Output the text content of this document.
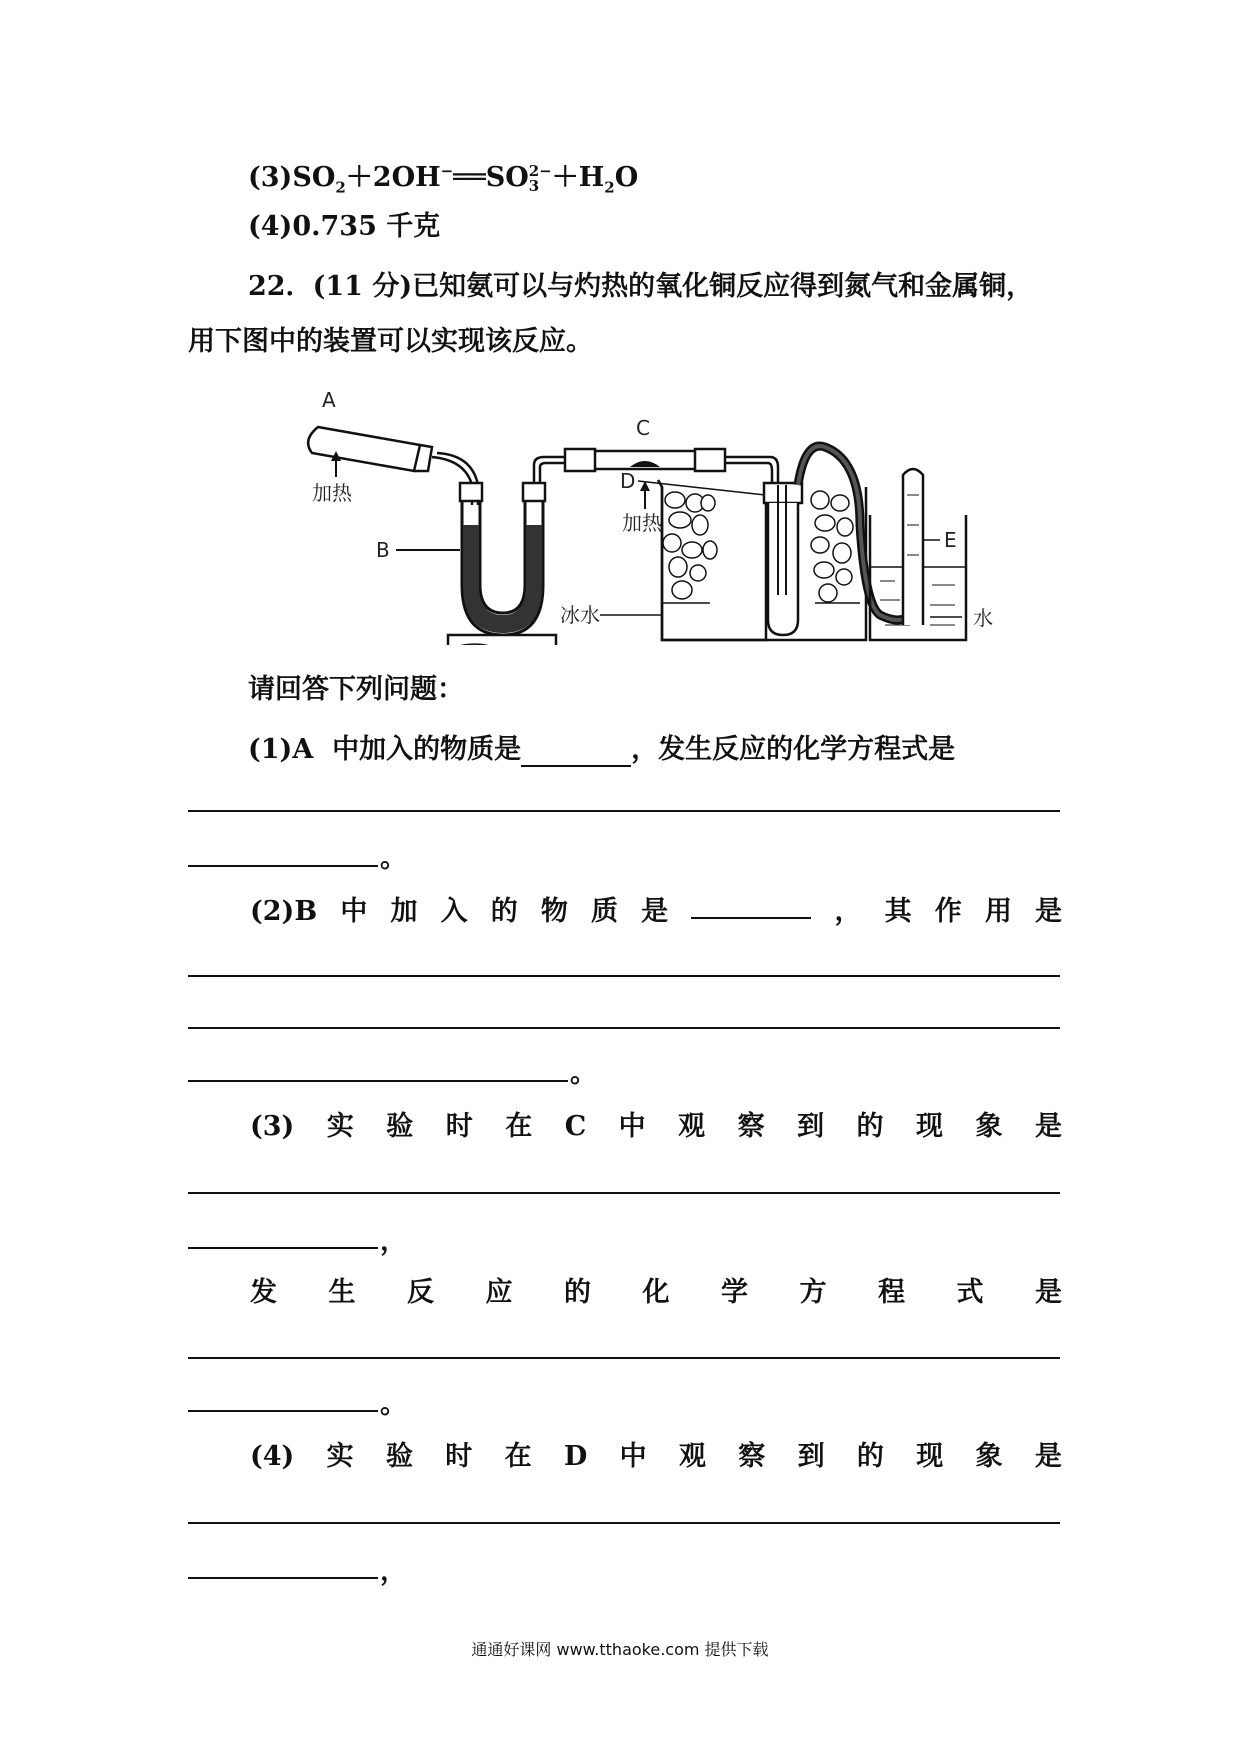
$(3)SO_2+2OH^-══SO$ 2−
$3 +H_2O$
(4)0.735 千克
22．(11 分)已知氨可以与灼热的氧化铜反应得到氮气和金属铜，
用下图中的装置可以实现该反应。
A
加热
B
C
加热
D
冰水
E
水
请回答下列问题：
(1)A 中加入的物质是	，发生反应的化学方程式是
。
(2)B 中 加 入 的 物 质 是	， 其 作 用 是
。
(3) 实 验 时 在 C 中 观 察 到 的 现 象 是
，
发 生 反 应 的 化 学 方 程 式 是
。
(4) 实 验 时 在 D 中 观 察 到 的 现 象 是
，
通通好课网 www.tthaoke.com 提供下载
